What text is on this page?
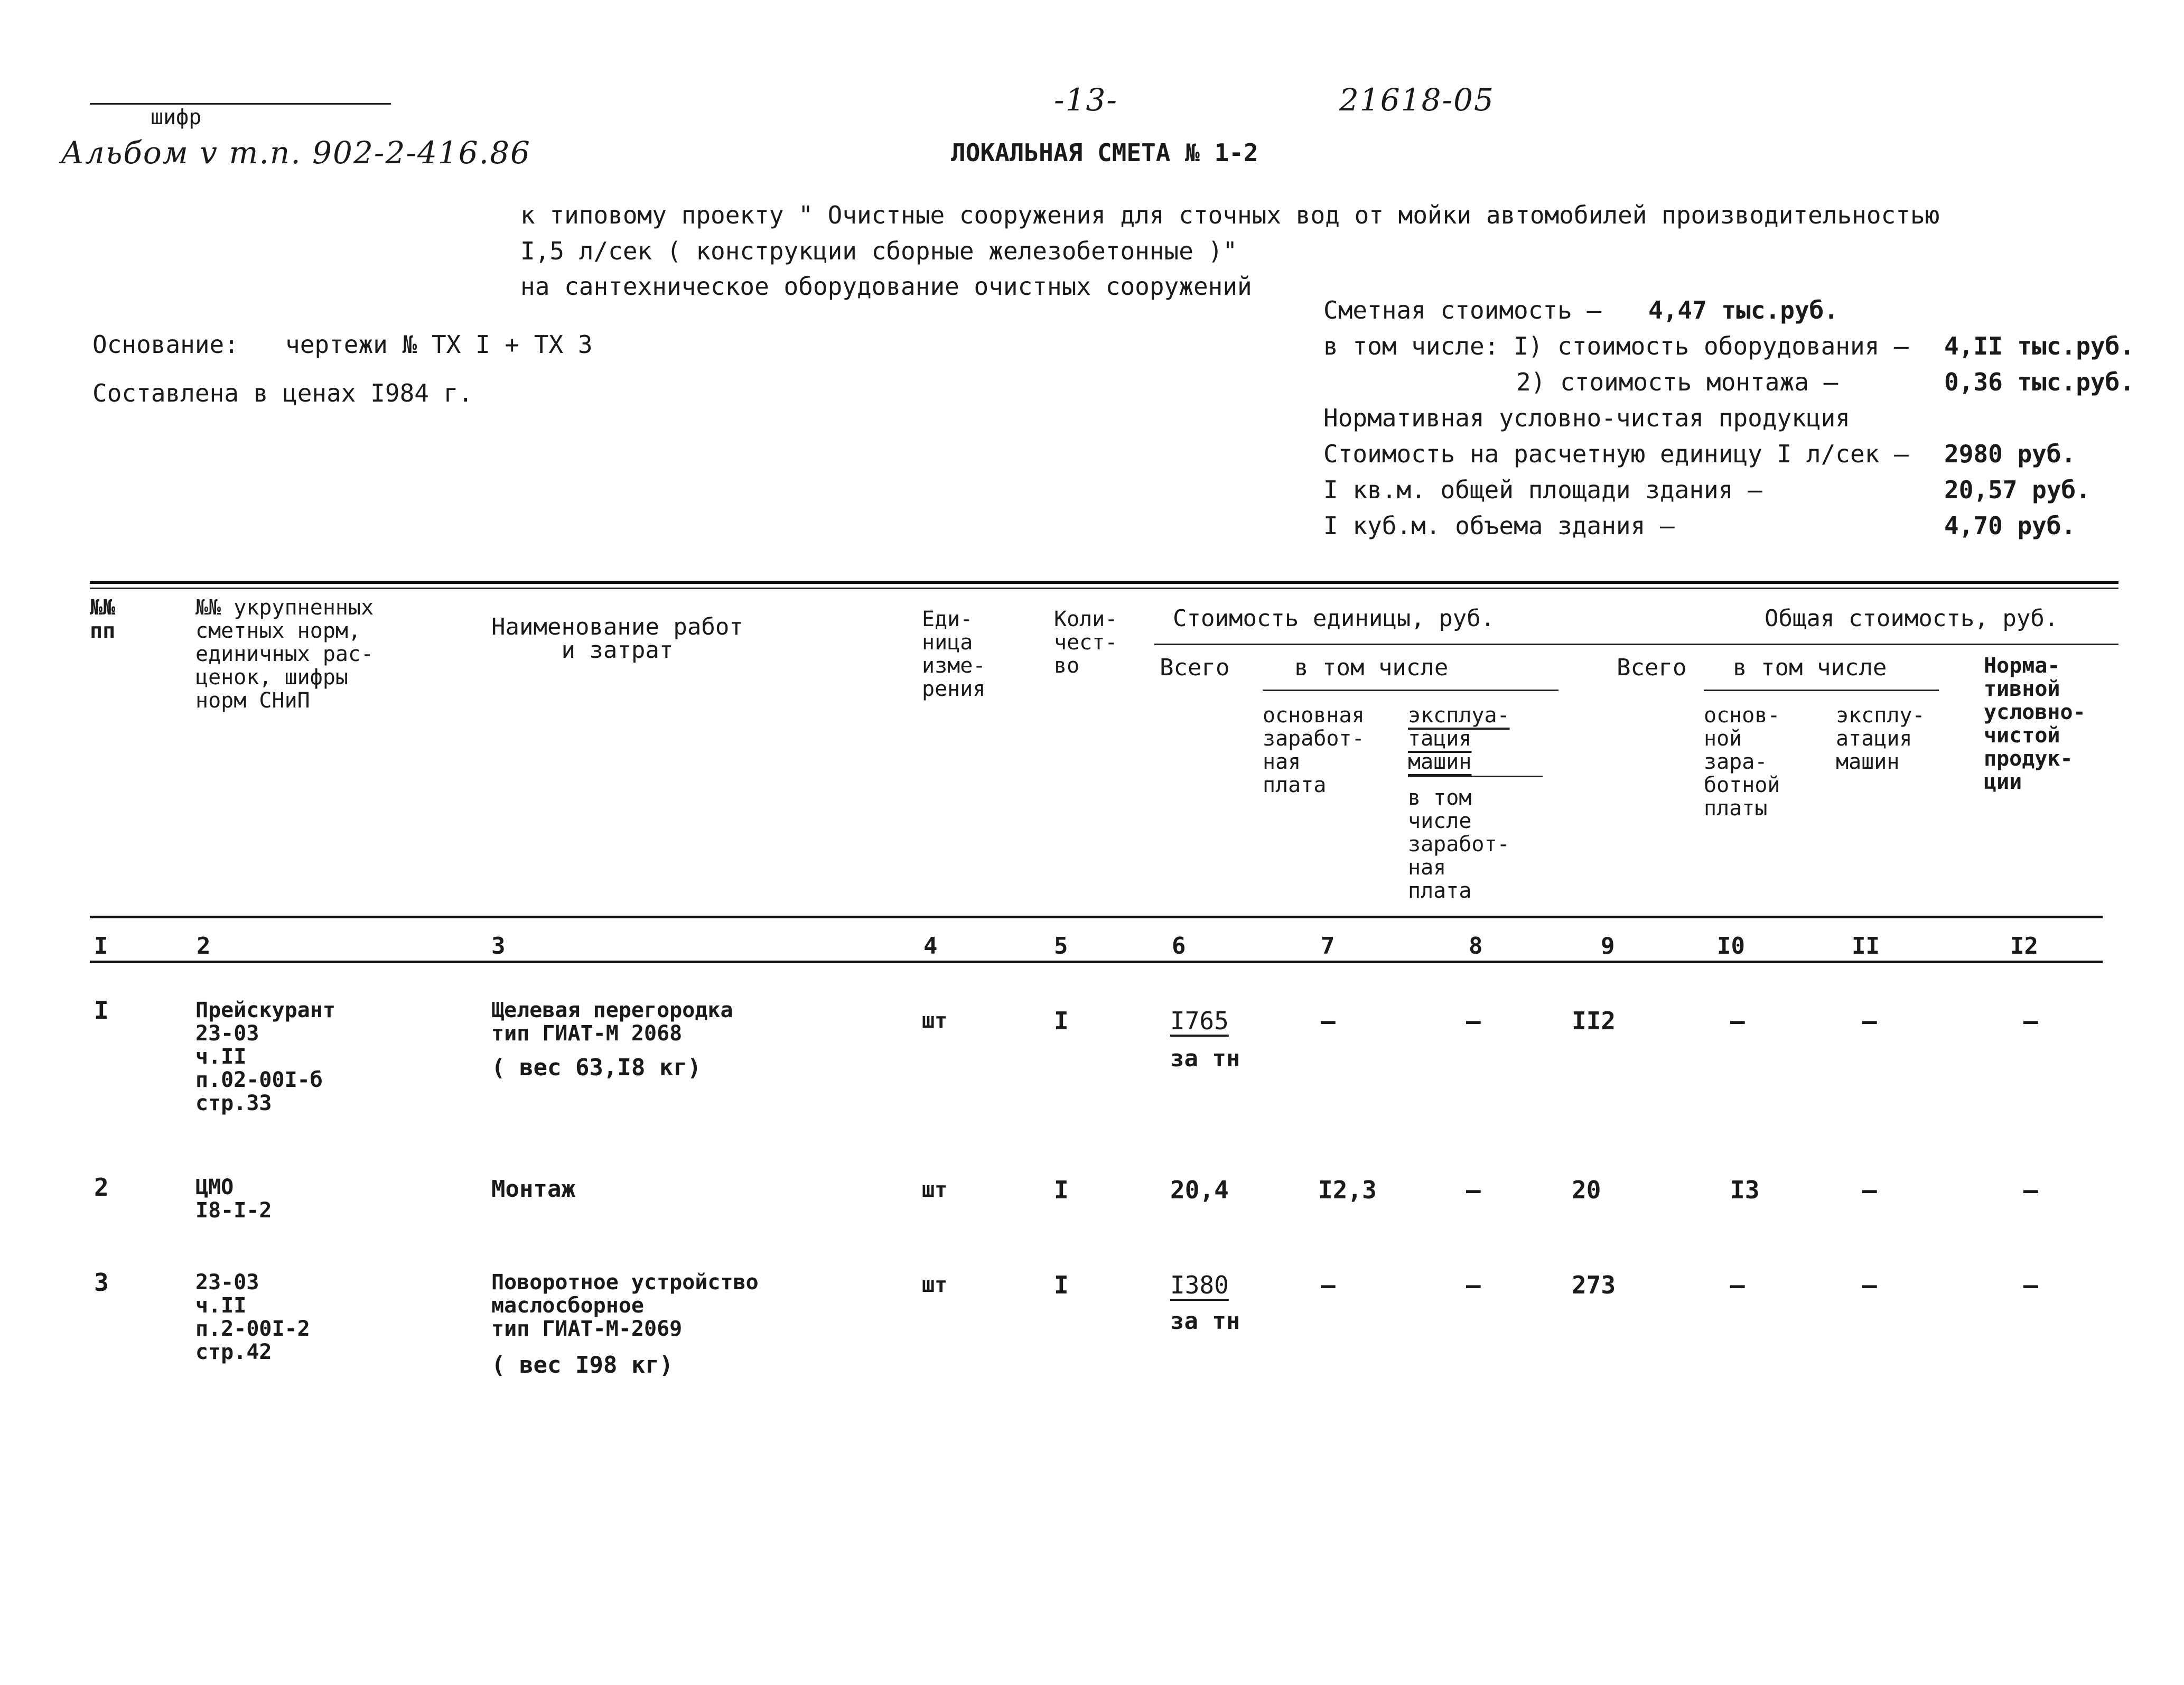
шифр
Альбом v т.п. 902-2-416.86
-13-	21618-05
ЛОКАЛЬНАЯ СМЕТА № 1-2
к типовому проекту " Очистные сооружения для сточных вод от мойки автомобилей производительностью
I,5 л/сек ( конструкции сборные железобетонные )"
на сантехническое оборудование очистных сооружений
Основание: чертежи № ТХ I + ТХ 3
Составлена в ценах I984 г.
Сметная стоимость – 4,47 тыс.руб.
в том числе: I) стоимость оборудования – 4,II тыс.руб.
2) стоимость монтажа –	0,36 тыс.руб.
Нормативная условно-чистая продукция
Стоимость на расчетную единицу I л/сек – 2980 руб.
I кв.м. общей площади здания –	20,57 руб.
I куб.м. объема здания –	4,70 руб.
№№
пп
№№ укрупненных
сметных норм,
единичных рас-
ценок, шифры
норм СНиП
Наименование работ
и затрат
Еди-
ница
изме-
рения
Коли-
чест-
во
Стоимость единицы, руб.	Общая стоимость, руб.
Всего	в том числе
основная
заработ-
ная
плата
эксплуа-
тация
машин
в том
числе
заработ-
ная
плата
Всего в том числе
основ-
ной
зара-
ботной
платы
эксплу-
атация
машин
Норма-
тивной
условно-
чистой
продук-
ции
I	2	3	4	5	6	7	8	9	I0	II	I2
I	Прейскурант
23-03
ч.II
п.02-00I-б
стр.33
Щелевая перегородка
тип ГИАТ-М 2068
( вес 63,I8 кг)
шт	I	I765
за тн
–	–	II2	–	–	–
2	ЦМО
I8-I-2
Монтаж	шт	I	20,4	I2,3	–	20	I3	–	–
3	23-03
ч.II
п.2-00I-2
стр.42
Поворотное устройство
маслосборное
тип ГИАТ-М-2069
( вес I98 кг)
шт	I	I380
за тн
–	–	273	–	–	–
